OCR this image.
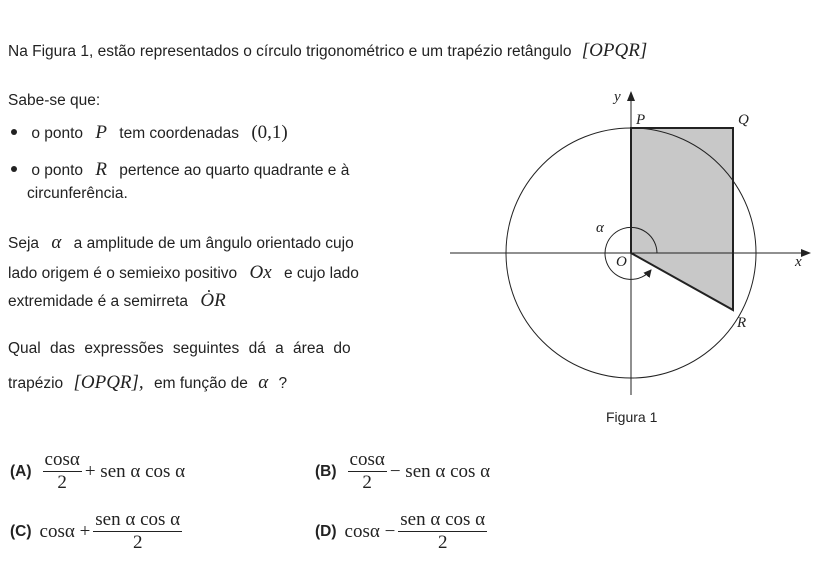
Na Figura 1, estão representados o círculo trigonométrico e um trapézio retângulo [OPQR]
Sabe-se que:
o ponto P tem coordenadas (0,1)
o ponto R pertence ao quarto quadrante e à
circunferência.
Seja α a amplitude de um ângulo orientado cujo
lado origem é o semieixo positivo Ox e cujo lado
extremidade é a semirreta ȮR
Qual das expressões seguintes dá a área do
trapézio [OPQR], em função de α ?
y
x
P	Q
R
O
α
Figura 1
$(A) \frac{\cos\alpha}{2}$ + sen α cos α	$(B) \frac{\cos\alpha}{2}$ − sen α cos α
(C) $\cos\alpha + \frac{\text{sen α cos α}}{2}$	(D) $\cos\alpha - \frac{\text{sen α cos α}}{2}$
